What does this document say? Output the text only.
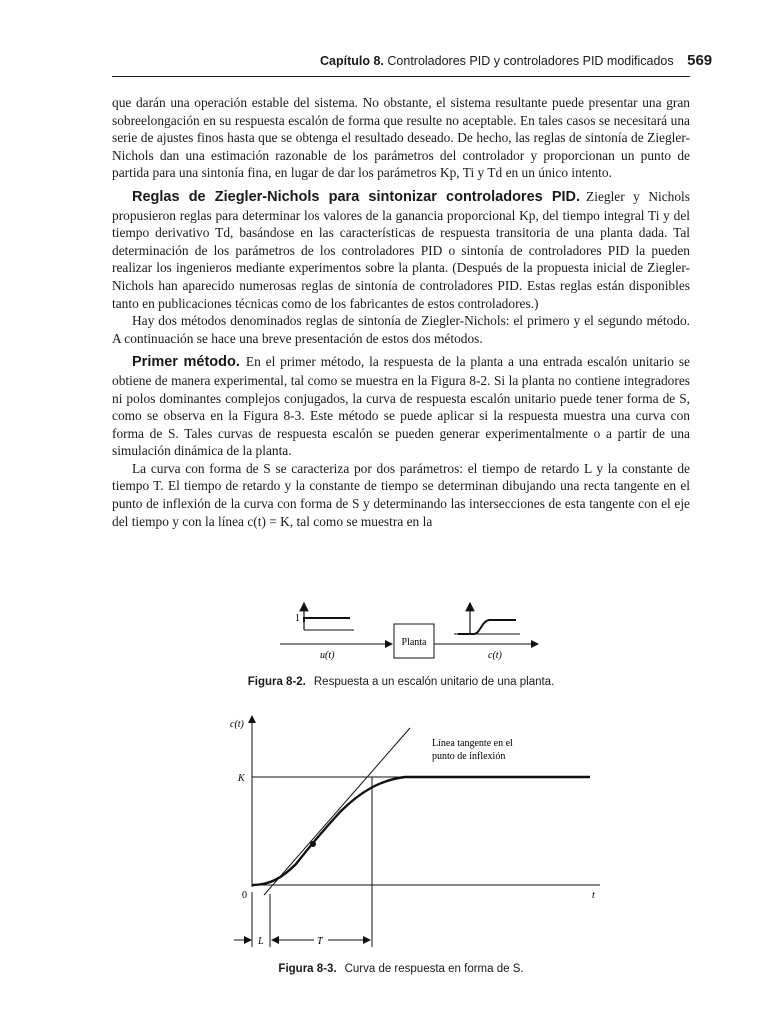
Capítulo 8. Controladores PID y controladores PID modificados 569

que darán una operación estable del sistema. No obstante, el sistema resultante puede presentar una gran sobreelongación en su respuesta escalón de forma que resulte no aceptable. En tales casos se necesitará una serie de ajustes finos hasta que se obtenga el resultado deseado. De hecho, las reglas de sintonía de Ziegler-Nichols dan una estimación razonable de los parámetros del controlador y proporcionan un punto de partida para una sintonía fina, en lugar de dar los parámetros Kp, Ti y Td en un único intento.

Reglas de Ziegler-Nichols para sintonizar controladores PID. Ziegler y Nichols propusieron reglas para determinar los valores de la ganancia proporcional Kp, del tiempo integral Ti y del tiempo derivativo Td, basándose en las características de respuesta transitoria de una planta dada. Tal determinación de los parámetros de los controladores PID o sintonía de controladores PID la pueden realizar los ingenieros mediante experimentos sobre la planta. (Después de la propuesta inicial de Ziegler-Nichols han aparecido numerosas reglas de sintonía de controladores PID. Estas reglas están disponibles tanto en publicaciones técnicas como de los fabricantes de estos controladores.)

Hay dos métodos denominados reglas de sintonía de Ziegler-Nichols: el primero y el segundo método. A continuación se hace una breve presentación de estos dos métodos.

Primer método. En el primer método, la respuesta de la planta a una entrada escalón unitario se obtiene de manera experimental, tal como se muestra en la Figura 8-2. Si la planta no contiene integradores ni polos dominantes complejos conjugados, la curva de respuesta escalón unitario puede tener forma de S, como se observa en la Figura 8-3. Este método se puede aplicar si la respuesta muestra una curva con forma de S. Tales curvas de respuesta escalón se pueden generar experimentalmente o a partir de una simulación dinámica de la planta.

La curva con forma de S se caracteriza por dos parámetros: el tiempo de retardo L y la constante de tiempo T. El tiempo de retardo y la constante de tiempo se determinan dibujando una recta tangente en el punto de inflexión de la curva con forma de S y determinando las intersecciones de esta tangente con el eje del tiempo y con la línea c(t) = K, tal como se muestra en la

1
u(t)
Planta
c(t)
Figura 8-2. Respuesta a un escalón unitario de una planta.
c(t)
t
0
K
Línea tangente en el
punto de inflexión
L	T
Figura 8-3. Curva de respuesta en forma de S.
